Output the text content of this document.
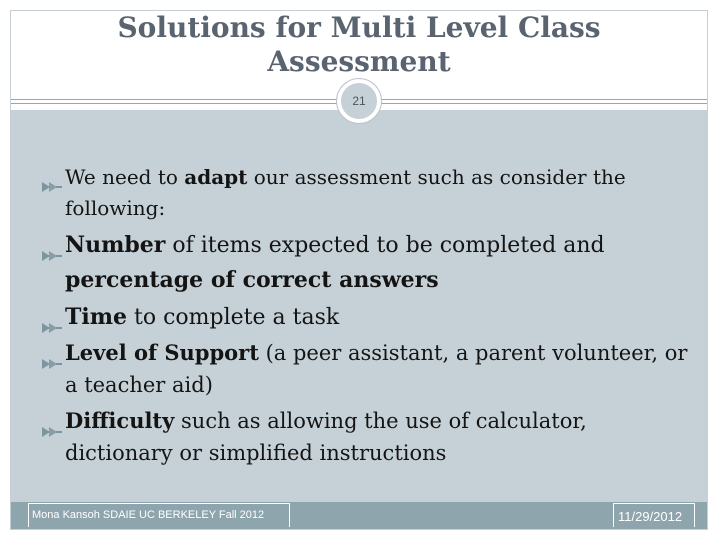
Solutions for Multi Level Class
Assessment
21
We need to adapt our assessment such as consider the following:
Number of items expected to be completed and percentage of correct answers
Time to complete a task
Level of Support (a peer assistant, a parent volunteer, or a teacher aid)
Difficulty such as allowing the use of calculator, dictionary or simplified instructions
Mona Kansoh SDAIE UC BERKELEY Fall 2012	11/29/2012
